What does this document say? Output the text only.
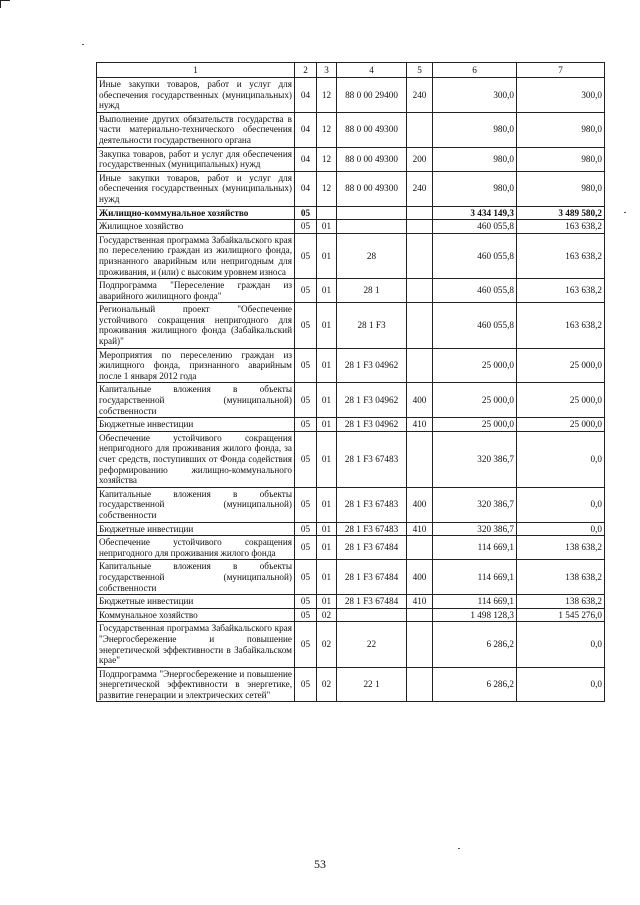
1	2	3	4	5	6	7
Иные закупки товаров, работ и услуг для обеспечения государственных (муниципальных) нужд	04	12	88 0 00 29400	240	300,0	300,0
Выполнение других обязательств государства в части материально-технического обеспечения деятельности государственного органа	04	12	88 0 00 49300		980,0	980,0
Закупка товаров, работ и услуг для обеспечения государственных (муниципальных) нужд	04	12	88 0 00 49300	200	980,0	980,0
Иные закупки товаров, работ и услуг для обеспечения государственных (муниципальных) нужд	04	12	88 0 00 49300	240	980,0	980,0
Жилищно-коммунальное хозяйство	05				3 434 149,3	3 489 580,2
Жилищное хозяйство	05	01			460 055,8	163 638,2
Государственная программа Забайкальского края по переселению граждан из жилищного фонда, признанного аварийным или непригодным для проживания, и (или) с высоким уровнем износа	05	01	28		460 055,8	163 638,2
Подпрограмма "Переселение граждан из аварийного жилищного фонда"	05	01	28 1		460 055,8	163 638,2
Региональный проект "Обеспечение устойчивого сокращения непригодного для проживания жилищного фонда (Забайкальский край)"	05	01	28 1 F3		460 055,8	163 638,2
Мероприятия по переселению граждан из жилищного фонда, признанного аварийным после 1 января 2012 года	05	01	28 1 F3 04962		25 000,0	25 000,0
Капитальные вложения в объекты государственной (муниципальной) собственности	05	01	28 1 F3 04962	400	25 000,0	25 000,0
Бюджетные инвестиции	05	01	28 1 F3 04962	410	25 000,0	25 000,0
Обеспечение устойчивого сокращения непригодного для проживания жилого фонда, за счет средств, поступивших от Фонда содействия реформированию жилищно-коммунального хозяйства	05	01	28 1 F3 67483		320 386,7	0,0
Капитальные вложения в объекты государственной (муниципальной) собственности	05	01	28 1 F3 67483	400	320 386,7	0,0
Бюджетные инвестиции	05	01	28 1 F3 67483	410	320 386,7	0,0
Обеспечение устойчивого сокращения непригодного для проживания жилого фонда	05	01	28 1 F3 67484		114 669,1	138 638,2
Капитальные вложения в объекты государственной (муниципальной) собственности	05	01	28 1 F3 67484	400	114 669,1	138 638,2
Бюджетные инвестиции	05	01	28 1 F3 67484	410	114 669,1	138 638,2
Коммунальное хозяйство	05	02			1 498 128,3	1 545 276,0
Государственная программа Забайкальского края "Энергосбережение и повышение энергетической эффективности в Забайкальском крае"	05	02	22		6 286,2	0,0
Подпрограмма "Энергосбережение и повышение энергетической эффективности в энергетике, развитие генерации и электрических сетей"	05	02	22 1		6 286,2	0,0
53
